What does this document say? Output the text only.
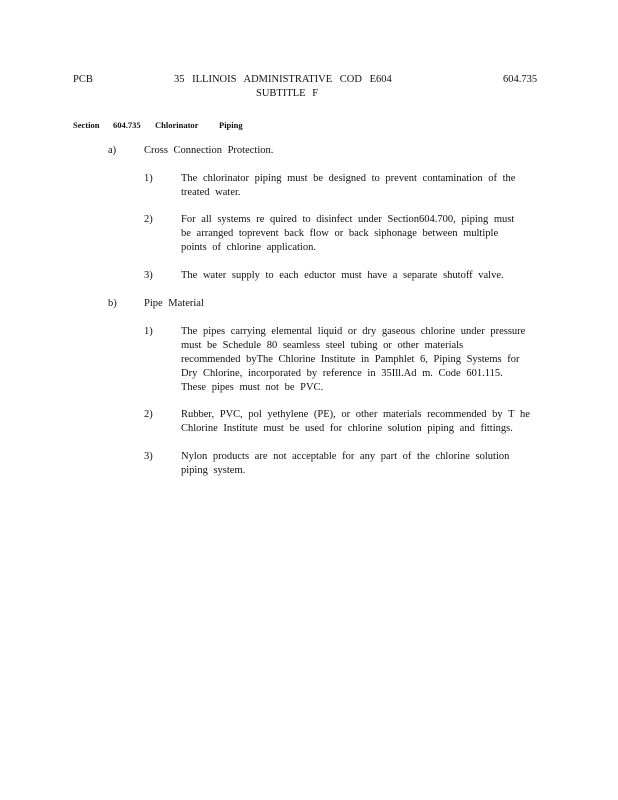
PCB	35 ILLINOIS ADMINISTRATIVE COD E604	604.735
SUBTITLE F
Section 604.735 Chlorinator Piping
a)	Cross Connection Protection.
1)	The chlorinator piping must be designed to prevent contamination of the
treated water.
2)	For all systems re quired to disinfect under Section604.700, piping must
be arranged toprevent back flow or back siphonage between multiple
points of chlorine application.
3)	The water supply to each eductor must have a separate shutoff valve.
b)	Pipe Material
1)	The pipes carrying elemental liquid or dry gaseous chlorine under pressure
must be Schedule 80 seamless steel tubing or other materials
recommended byThe Chlorine Institute in Pamphlet 6, Piping Systems for
Dry Chlorine, incorporated by reference in 35Ill.Ad m. Code 601.115.
These pipes must not be PVC.
2)	Rubber, PVC, pol yethylene (PE), or other materials recommended by T he
Chlorine Institute must be used for chlorine solution piping and fittings.
3)	Nylon products are not acceptable for any part of the chlorine solution
piping system.
